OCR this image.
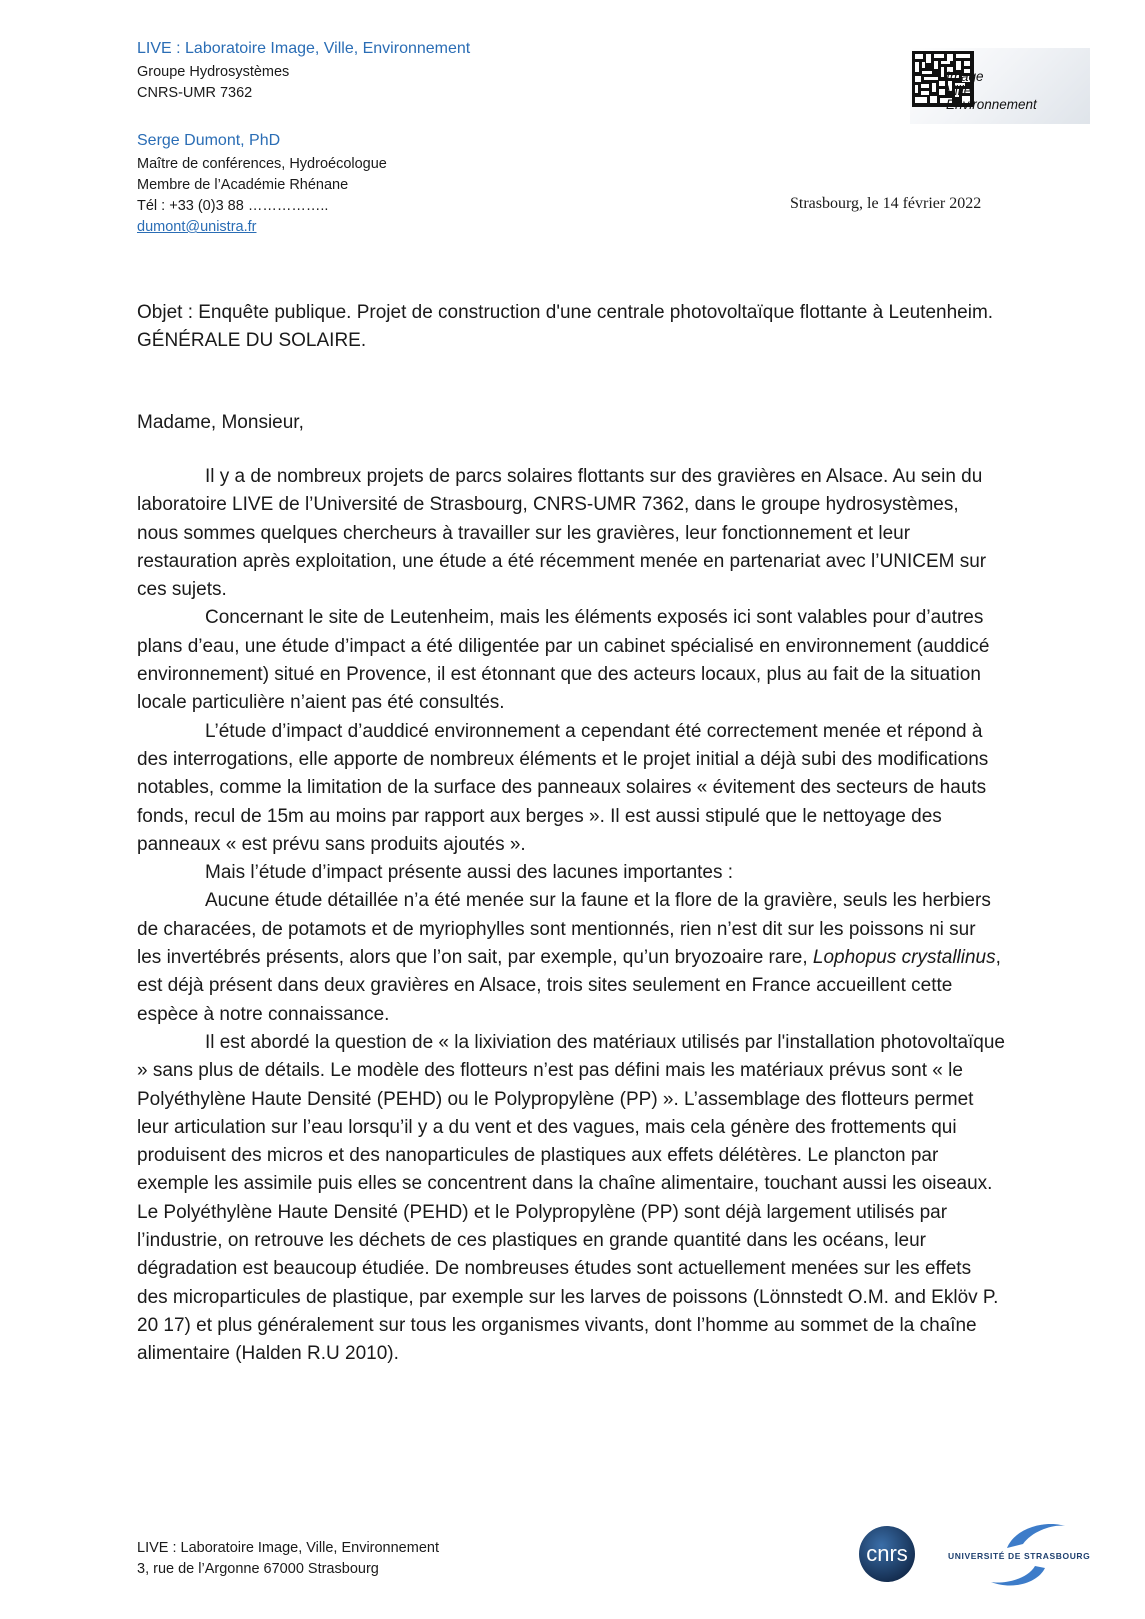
LIVE : Laboratoire Image, Ville, Environnement
Groupe Hydrosystèmes
CNRS-UMR 7362
Serge Dumont, PhD
Maître de conférences, Hydroécologue
Membre de l’Académie Rhénane
Tél : +33 (0)3 88 ……………..
dumont@unistra.fr
Image
Ville
Environnement
Strasbourg, le 14 février 2022
Objet : Enquête publique. Projet de construction d'une centrale photovoltaïque flottante à Leutenheim. GÉNÉRALE DU SOLAIRE.
Madame, Monsieur,

Il y a de nombreux projets de parcs solaires flottants sur des gravières en Alsace. Au sein du laboratoire LIVE de l’Université de Strasbourg, CNRS-UMR 7362, dans le groupe hydrosystèmes, nous sommes quelques chercheurs à travailler sur les gravières, leur fonctionnement et leur restauration après exploitation, une étude a été récemment menée en partenariat avec l’UNICEM sur ces sujets.

Concernant le site de Leutenheim, mais les éléments exposés ici sont valables pour d’autres plans d’eau, une étude d’impact a été diligentée par un cabinet spécialisé en environnement (auddicé environnement) situé en Provence, il est étonnant que des acteurs locaux, plus au fait de la situation locale particulière n’aient pas été consultés.

L’étude d’impact d’auddicé environnement a cependant été correctement menée et répond à des interrogations, elle apporte de nombreux éléments et le projet initial a déjà subi des modifications notables, comme la limitation de la surface des panneaux solaires « évitement des secteurs de hauts fonds, recul de 15m au moins par rapport aux berges ». Il est aussi stipulé que le nettoyage des panneaux « est prévu sans produits ajoutés ».

Mais l’étude d’impact présente aussi des lacunes importantes :

Aucune étude détaillée n’a été menée sur la faune et la flore de la gravière, seuls les herbiers de characées, de potamots et de myriophylles sont mentionnés, rien n’est dit sur les poissons ni sur les invertébrés présents, alors que l’on sait, par exemple, qu’un bryozoaire rare, Lophopus crystallinus, est déjà présent dans deux gravières en Alsace, trois sites seulement en France accueillent cette espèce à notre connaissance.

Il est abordé la question de « la lixiviation des matériaux utilisés par l'installation photovoltaïque » sans plus de détails. Le modèle des flotteurs n’est pas défini mais les matériaux prévus sont « le Polyéthylène Haute Densité (PEHD) ou le Polypropylène (PP) ». L’assemblage des flotteurs permet leur articulation sur l’eau lorsqu’il y a du vent et des vagues, mais cela génère des frottements qui produisent des micros et des nanoparticules de plastiques aux effets délétères. Le plancton par exemple les assimile puis elles se concentrent dans la chaîne alimentaire, touchant aussi les oiseaux. Le Polyéthylène Haute Densité (PEHD) et le Polypropylène (PP) sont déjà largement utilisés par l’industrie, on retrouve les déchets de ces plastiques en grande quantité dans les océans, leur dégradation est beaucoup étudiée. De nombreuses études sont actuellement menées sur les effets des microparticules de plastique, par exemple sur les larves de poissons (Lönnstedt O.M. and Eklöv P. 20 17) et plus généralement sur tous les organismes vivants, dont l’homme au sommet de la chaîne alimentaire (Halden R.U 2010).

LIVE : Laboratoire Image, Ville, Environnement
3, rue de l’Argonne 67000 Strasbourg
cnrs	UNIVERSITÉ DE STRASBOURG
